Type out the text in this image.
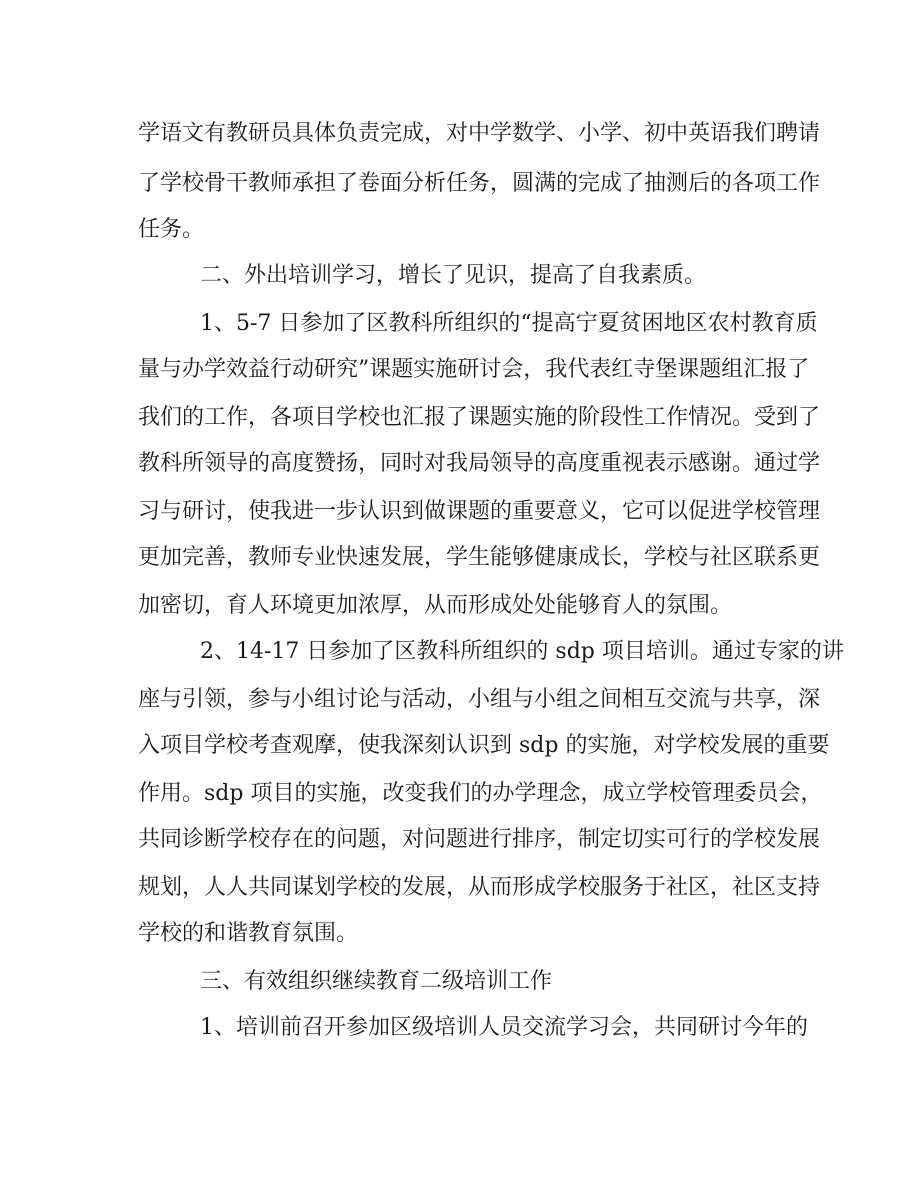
学语文有教研员具体负责完成，对中学数学、小学、初中英语我们聘请
了学校骨干教师承担了卷面分析任务，圆满的完成了抽测后的各项工作
任务。
二、外出培训学习，增长了见识，提高了自我素质。
1、5-7 日参加了区教科所组织的“提高宁夏贫困地区农村教育质
量与办学效益行动研究”课题实施研讨会，我代表红寺堡课题组汇报了
我们的工作，各项目学校也汇报了课题实施的阶段性工作情况。受到了
教科所领导的高度赞扬，同时对我局领导的高度重视表示感谢。通过学
习与研讨，使我进一步认识到做课题的重要意义，它可以促进学校管理
更加完善，教师专业快速发展，学生能够健康成长，学校与社区联系更
加密切，育人环境更加浓厚，从而形成处处能够育人的氛围。
2、14-17 日参加了区教科所组织的 sdp 项目培训。通过专家的讲
座与引领，参与小组讨论与活动，小组与小组之间相互交流与共享，深
入项目学校考查观摩，使我深刻认识到 sdp 的实施，对学校发展的重要
作用。sdp 项目的实施，改变我们的办学理念，成立学校管理委员会，
共同诊断学校存在的问题，对问题进行排序，制定切实可行的学校发展
规划，人人共同谋划学校的发展，从而形成学校服务于社区，社区支持
学校的和谐教育氛围。
三、有效组织继续教育二级培训工作
1、培训前召开参加区级培训人员交流学习会，共同研讨今年的
